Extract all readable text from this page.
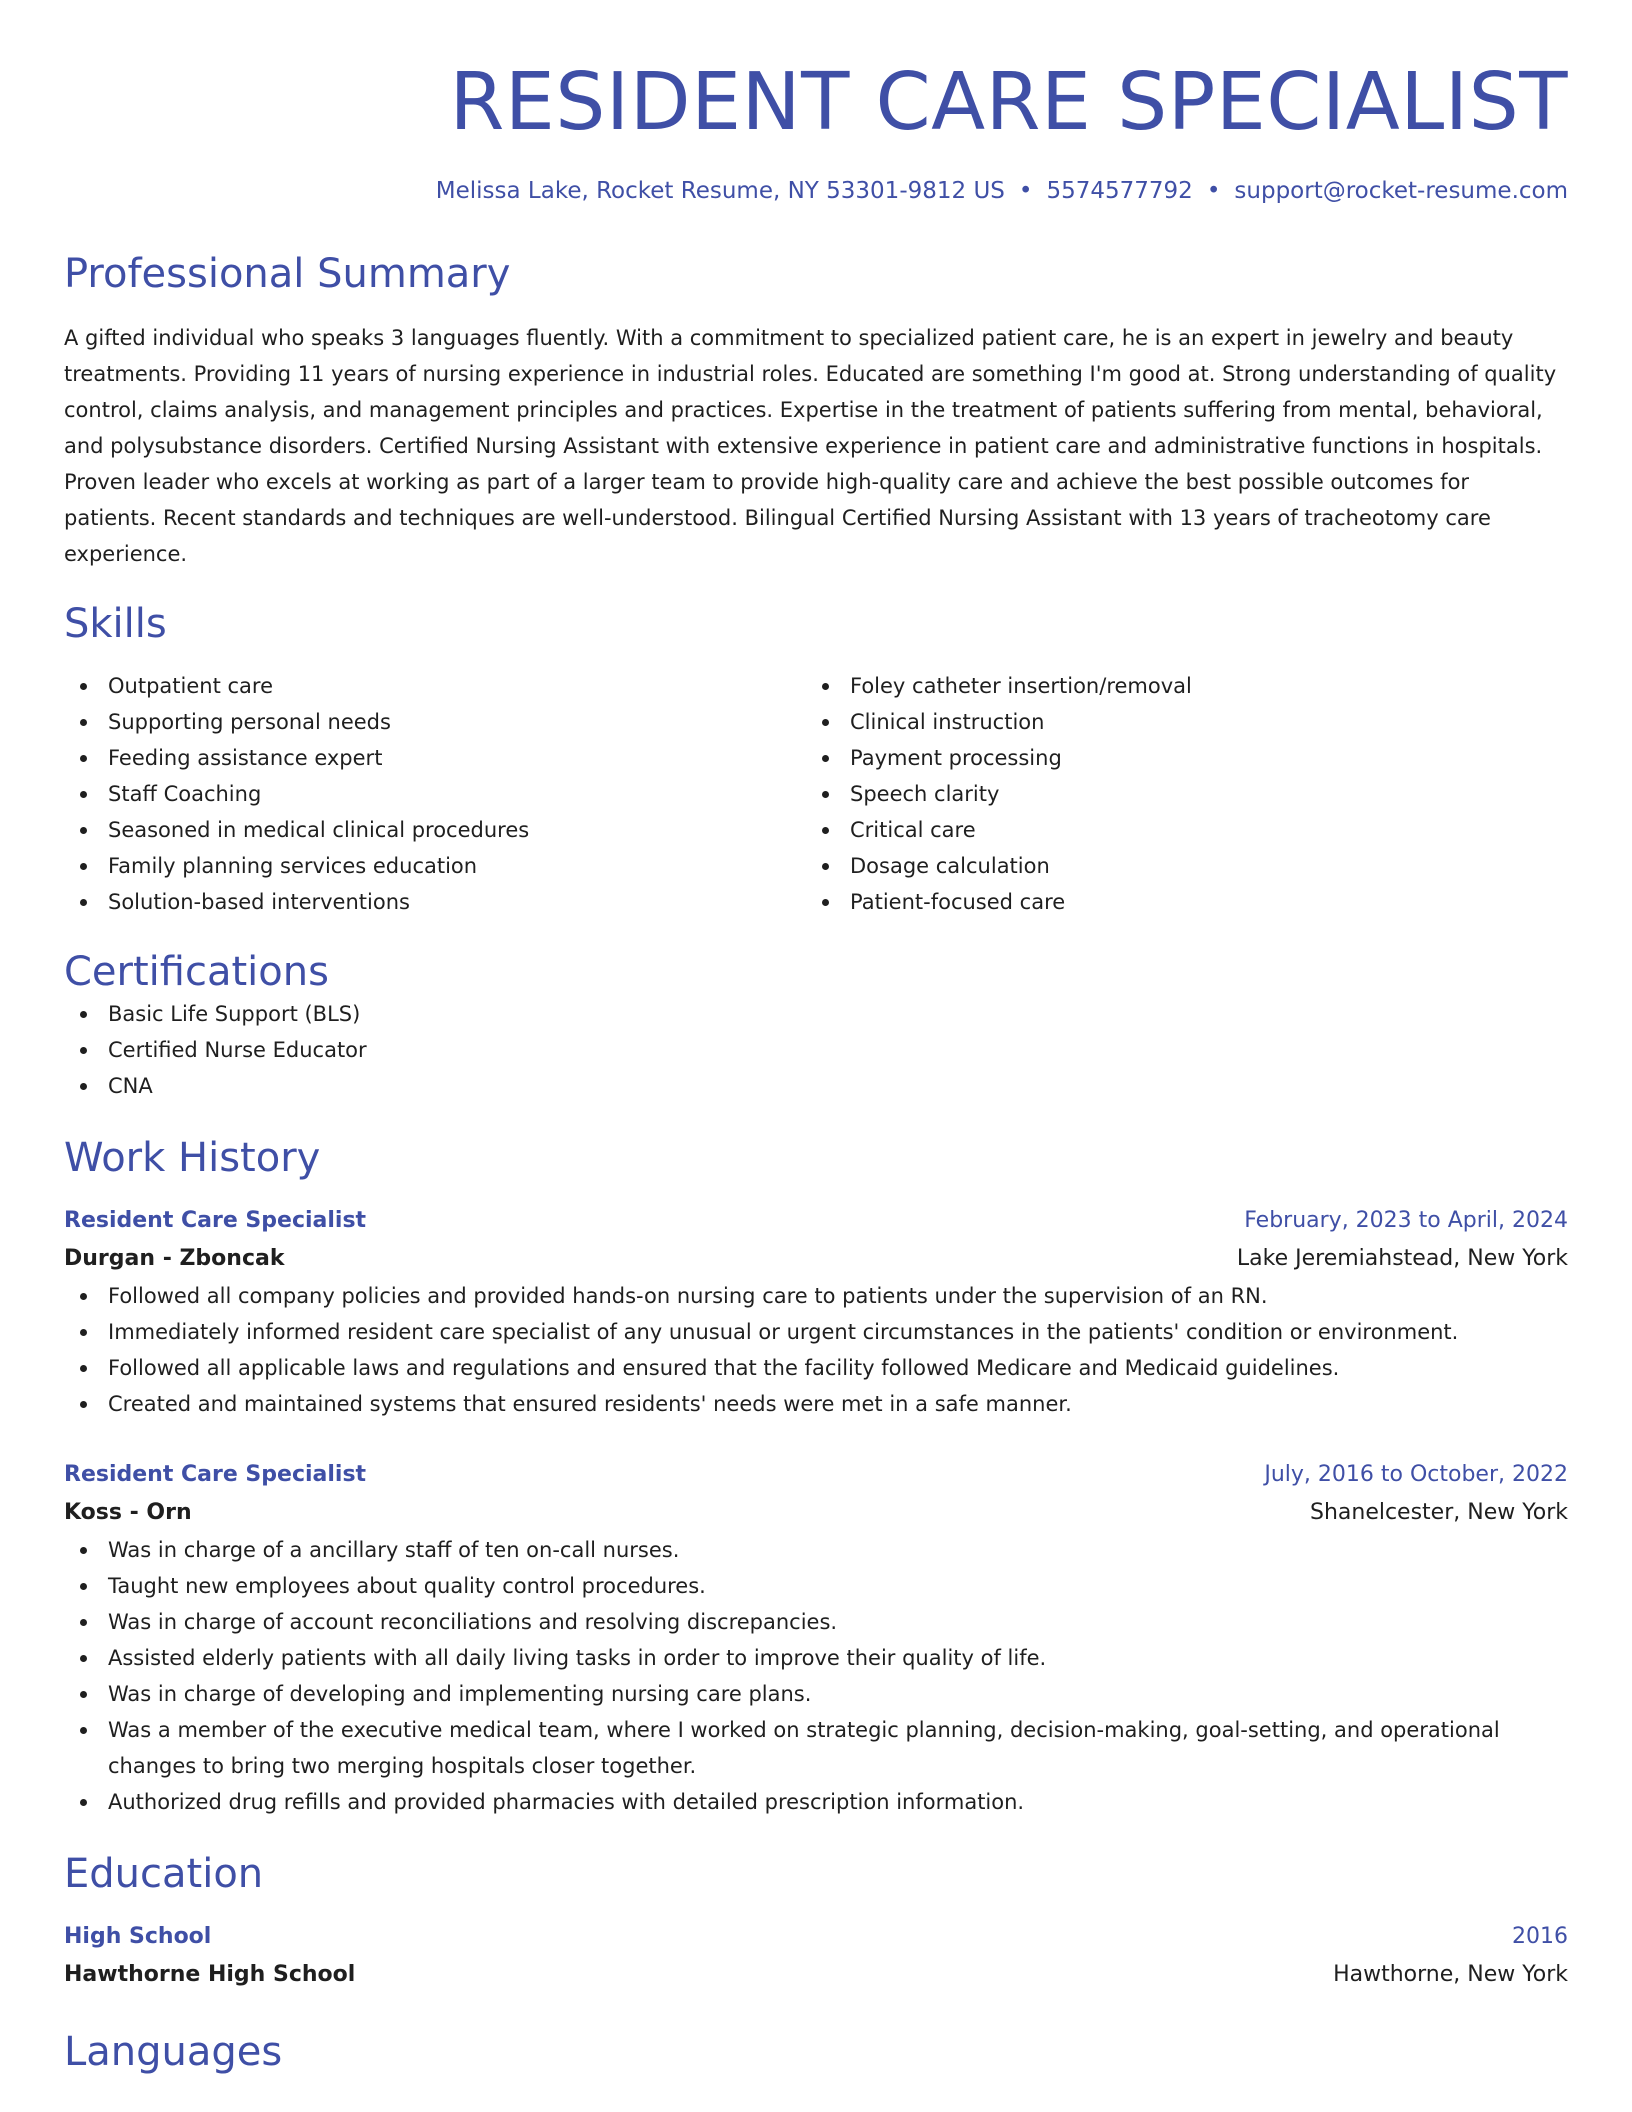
RESIDENT CARE SPECIALIST
Melissa Lake, Rocket Resume, NY 53301-9812 US • 5574577792 • support@rocket-resume.com
Professional Summary
A gifted individual who speaks 3 languages fluently. With a commitment to specialized patient care, he is an expert in jewelry and beauty treatments. Providing 11 years of nursing experience in industrial roles. Educated are something I'm good at. Strong understanding of quality control, claims analysis, and management principles and practices. Expertise in the treatment of patients suffering from mental, behavioral, and polysubstance disorders. Certified Nursing Assistant with extensive experience in patient care and administrative functions in hospitals. Proven leader who excels at working as part of a larger team to provide high-quality care and achieve the best possible outcomes for patients. Recent standards and techniques are well-understood. Bilingual Certified Nursing Assistant with 13 years of tracheotomy care experience.
Skills
Outpatient care
Supporting personal needs
Feeding assistance expert
Staff Coaching
Seasoned in medical clinical procedures
Family planning services education
Solution-based interventions
Foley catheter insertion/removal
Clinical instruction
Payment processing
Speech clarity
Critical care
Dosage calculation
Patient-focused care
Certifications
Basic Life Support (BLS)
Certified Nurse Educator
CNA
Work History
Resident Care Specialist	February, 2023 to April, 2024
Durgan - Zboncak	Lake Jeremiahstead, New York
Followed all company policies and provided hands-on nursing care to patients under the supervision of an RN.
Immediately informed resident care specialist of any unusual or urgent circumstances in the patients' condition or environment.
Followed all applicable laws and regulations and ensured that the facility followed Medicare and Medicaid guidelines.
Created and maintained systems that ensured residents' needs were met in a safe manner.
Resident Care Specialist	July, 2016 to October, 2022
Koss - Orn	Shanelcester, New York
Was in charge of a ancillary staff of ten on-call nurses.
Taught new employees about quality control procedures.
Was in charge of account reconciliations and resolving discrepancies.
Assisted elderly patients with all daily living tasks in order to improve their quality of life.
Was in charge of developing and implementing nursing care plans.
Was a member of the executive medical team, where I worked on strategic planning, decision-making, goal-setting, and operational changes to bring two merging hospitals closer together.
Authorized drug refills and provided pharmacies with detailed prescription information.
Education
High School	2016
Hawthorne High School	Hawthorne, New York
Languages
